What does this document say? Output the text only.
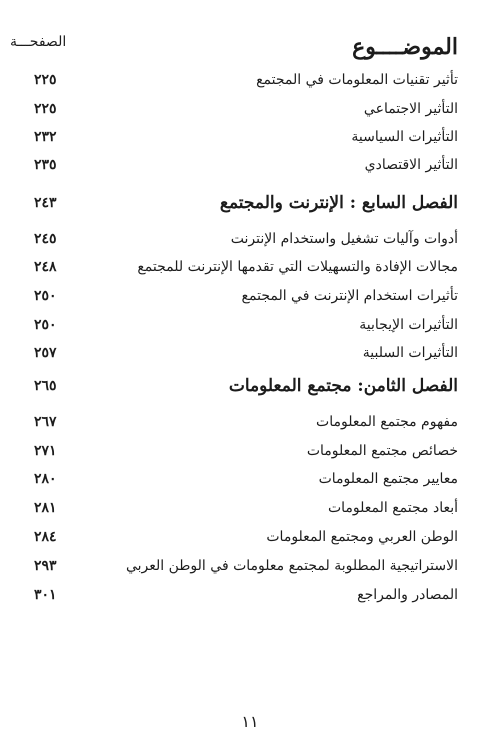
الموضــــوع
الصفحـــة
تأثير تقنيات المعلومات في المجتمع
٢٢٥
التأثير الاجتماعي
٢٢٥
التأثيرات السياسية
٢٣٢
التأثير الاقتصادي
٢٣٥
الفصل السابع : الإنترنت والمجتمع
٢٤٣
أدوات وآليات تشغيل واستخدام الإنترنت
٢٤٥
مجالات الإفادة والتسهيلات التي تقدمها الإنترنت للمجتمع
٢٤٨
تأثيرات استخدام الإنترنت في المجتمع
٢٥٠
التأثيرات الإيجابية
٢٥٠
التأثيرات السلبية
٢٥٧
الفصل الثامن: مجتمع المعلومات
٢٦٥
مفهوم مجتمع المعلومات
٢٦٧
خصائص مجتمع المعلومات
٢٧١
معايير مجتمع المعلومات
٢٨٠
أبعاد مجتمع المعلومات
٢٨١
الوطن العربي ومجتمع المعلومات
٢٨٤
الاستراتيجية المطلوبة لمجتمع معلومات في الوطن العربي
٢٩٣
المصادر والمراجع
٣٠١
١١
